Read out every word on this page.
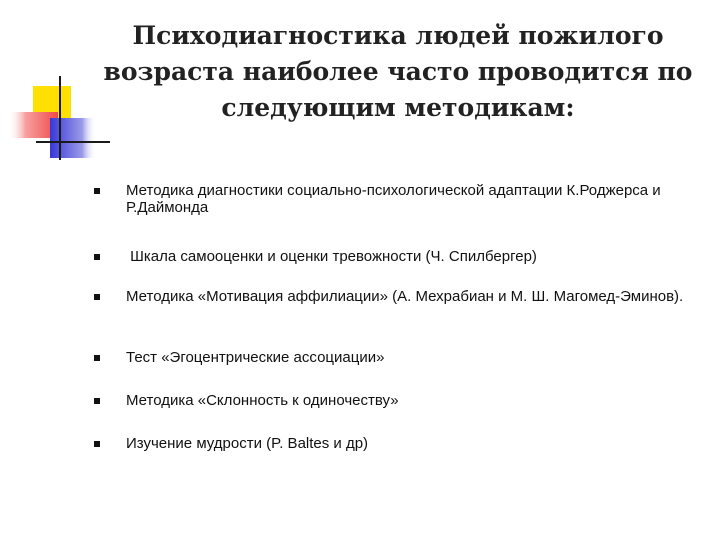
Психодиагностика людей пожилого
возраста наиболее часто проводится по
следующим методикам:
Методика диагностики социально-психологической адаптации К.Роджерса и Р.Даймонда
Шкала самооценки и оценки тревожности (Ч. Спилбергер)
Методика «Мотивация аффилиации» (А. Мехрабиан и М. Ш. Магомед-Эминов).
Тест «Эгоцентрические ассоциации»
Методика «Склонность к одиночеству»
Изучение мудрости (P. Baltes и др)
